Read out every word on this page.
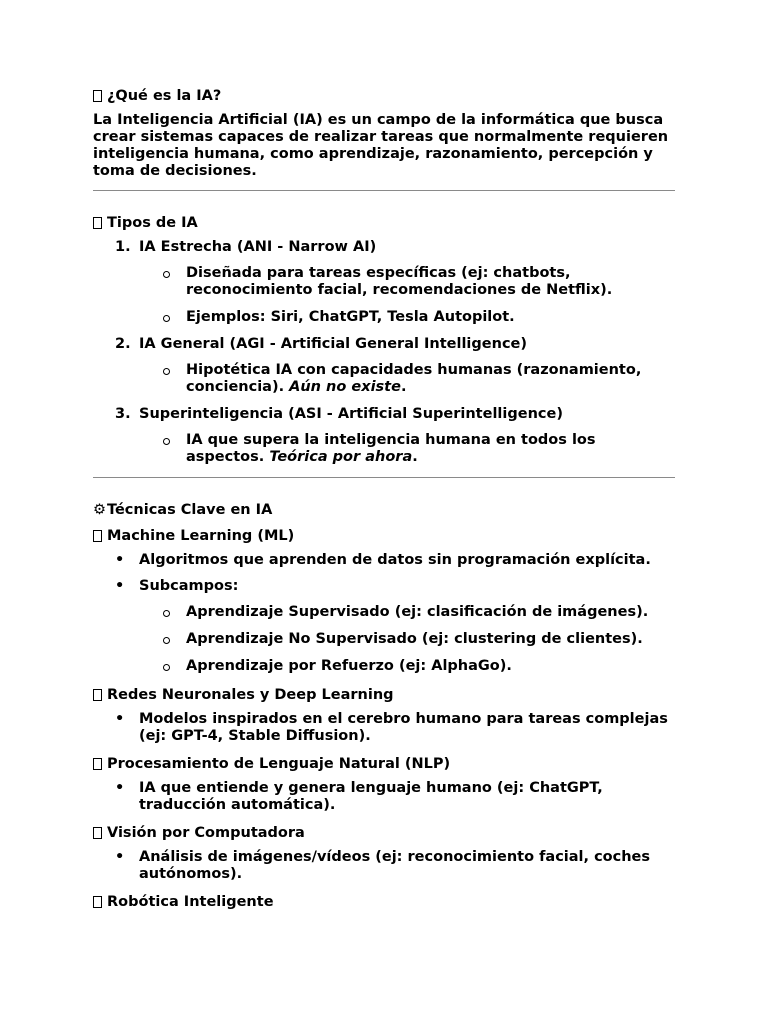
¿Qué es la IA?
La Inteligencia Artificial (IA) es un campo de la informática que busca crear sistemas capaces de realizar tareas que normalmente requieren inteligencia humana, como aprendizaje, razonamiento, percepción y toma de decisiones.
Tipos de IA
1. IA Estrecha (ANI - Narrow AI)
Diseñada para tareas específicas (ej: chatbots, reconocimiento facial, recomendaciones de Netflix).
Ejemplos: Siri, ChatGPT, Tesla Autopilot.
2. IA General (AGI - Artificial General Intelligence)
Hipotética IA con capacidades humanas (razonamiento, conciencia). Aún no existe.
3. Superinteligencia (ASI - Artificial Superintelligence)
IA que supera la inteligencia humana en todos los aspectos. Teórica por ahora.
⚙ Técnicas Clave en IA
Machine Learning (ML)
• Algoritmos que aprenden de datos sin programación explícita.
• Subcampos:
Aprendizaje Supervisado (ej: clasificación de imágenes).
Aprendizaje No Supervisado (ej: clustering de clientes).
Aprendizaje por Refuerzo (ej: AlphaGo).
Redes Neuronales y Deep Learning
• Modelos inspirados en el cerebro humano para tareas complejas (ej: GPT-4, Stable Diffusion).
Procesamiento de Lenguaje Natural (NLP)
• IA que entiende y genera lenguaje humano (ej: ChatGPT, traducción automática).
Visión por Computadora
• Análisis de imágenes/vídeos (ej: reconocimiento facial, coches autónomos).
Robótica Inteligente
